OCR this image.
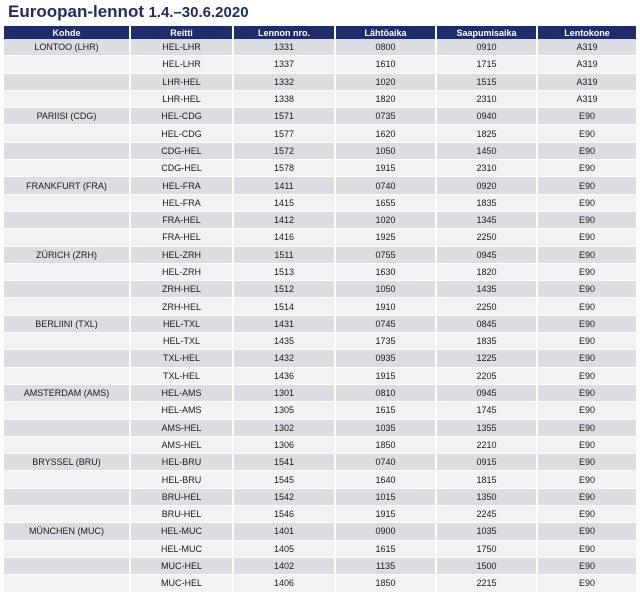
Euroopan-lennot 1.4.–30.6.2020
Kohde	Reitti	Lennon nro.	Lähtöaika	Saapumisaika	Lentokone
LONTOO (LHR)	HEL-LHR	1331	0800	0910	A319
	HEL-LHR	1337	1610	1715	A319
	LHR-HEL	1332	1020	1515	A319
	LHR-HEL	1338	1820	2310	A319
PARIISI (CDG)	HEL-CDG	1571	0735	0940	E90
	HEL-CDG	1577	1620	1825	E90
	CDG-HEL	1572	1050	1450	E90
	CDG-HEL	1578	1915	2310	E90
FRANKFURT (FRA)	HEL-FRA	1411	0740	0920	E90
	HEL-FRA	1415	1655	1835	E90
	FRA-HEL	1412	1020	1345	E90
	FRA-HEL	1416	1925	2250	E90
ZÜRICH (ZRH)	HEL-ZRH	1511	0755	0945	E90
	HEL-ZRH	1513	1630	1820	E90
	ZRH-HEL	1512	1050	1435	E90
	ZRH-HEL	1514	1910	2250	E90
BERLIINI (TXL)	HEL-TXL	1431	0745	0845	E90
	HEL-TXL	1435	1735	1835	E90
	TXL-HEL	1432	0935	1225	E90
	TXL-HEL	1436	1915	2205	E90
AMSTERDAM (AMS)	HEL-AMS	1301	0810	0945	E90
	HEL-AMS	1305	1615	1745	E90
	AMS-HEL	1302	1035	1355	E90
	AMS-HEL	1306	1850	2210	E90
BRYSSEL (BRU)	HEL-BRU	1541	0740	0915	E90
	HEL-BRU	1545	1640	1815	E90
	BRU-HEL	1542	1015	1350	E90
	BRU-HEL	1546	1915	2245	E90
MÜNCHEN (MUC)	HEL-MUC	1401	0900	1035	E90
	HEL-MUC	1405	1615	1750	E90
	MUC-HEL	1402	1135	1500	E90
	MUC-HEL	1406	1850	2215	E90
